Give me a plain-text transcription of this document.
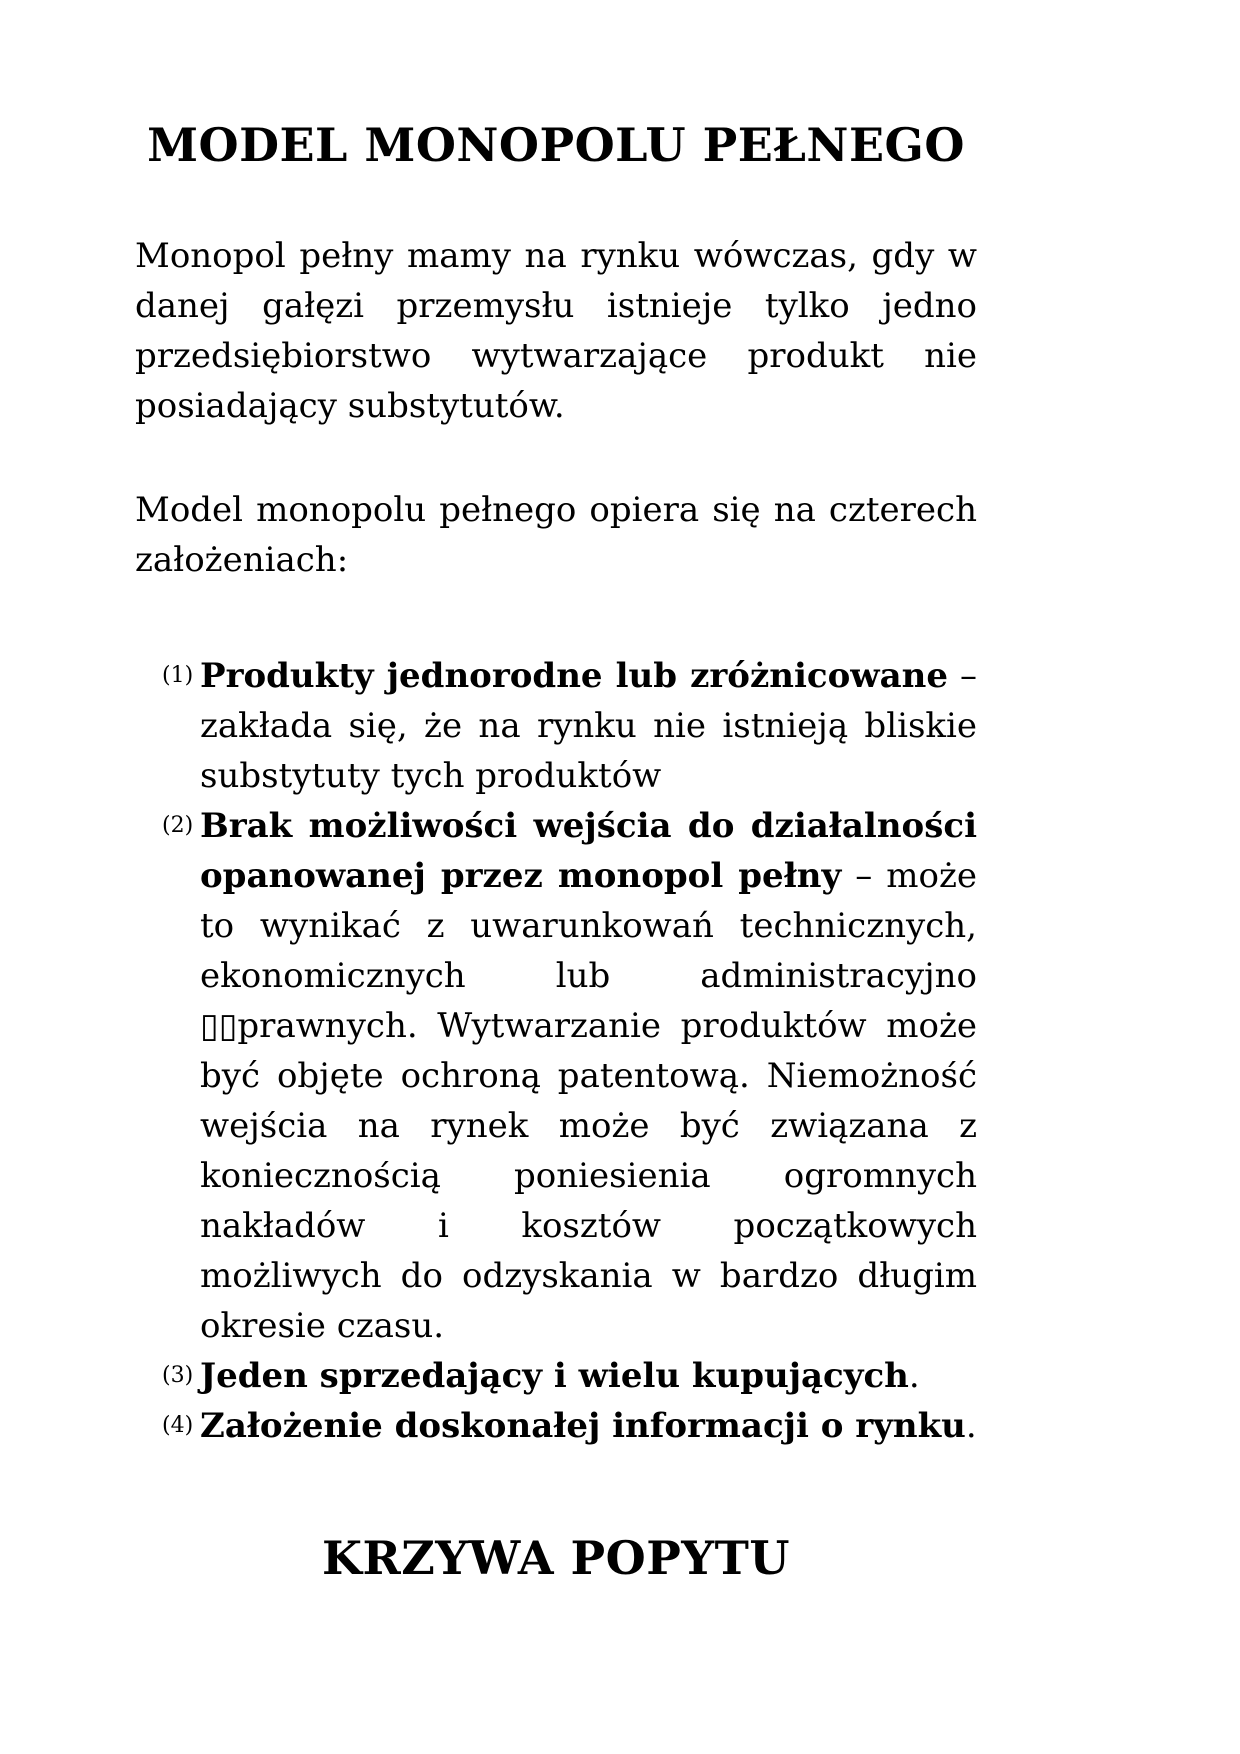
MODEL MONOPOLU PEŁNEGO

Monopol pełny mamy na rynku wówczas, gdy w danej gałęzi przemysłu istnieje tylko jedno przedsiębiorstwo wytwarzające produkt nie posiadający substytutów.

Model monopolu pełnego opiera się na czterech założeniach:

(1) Produkty jednorodne lub zróżnicowane – zakłada się, że na rynku nie istnieją bliskie substytuty tych produktów
(2) Brak możliwości wejścia do działalności opanowanej przez monopol pełny – może to wynikać z uwarunkowań technicznych, ekonomicznych lub administracyjno ▯▯prawnych. Wytwarzanie produktów może być objęte ochroną patentową. Niemożność wejścia na rynek może być związana z koniecznością poniesienia ogromnych nakładów i kosztów początkowych możliwych do odzyskania w bardzo długim okresie czasu.
(3) Jeden sprzedający i wielu kupujących.
(4) Założenie doskonałej informacji o rynku.
KRZYWA POPYTU
